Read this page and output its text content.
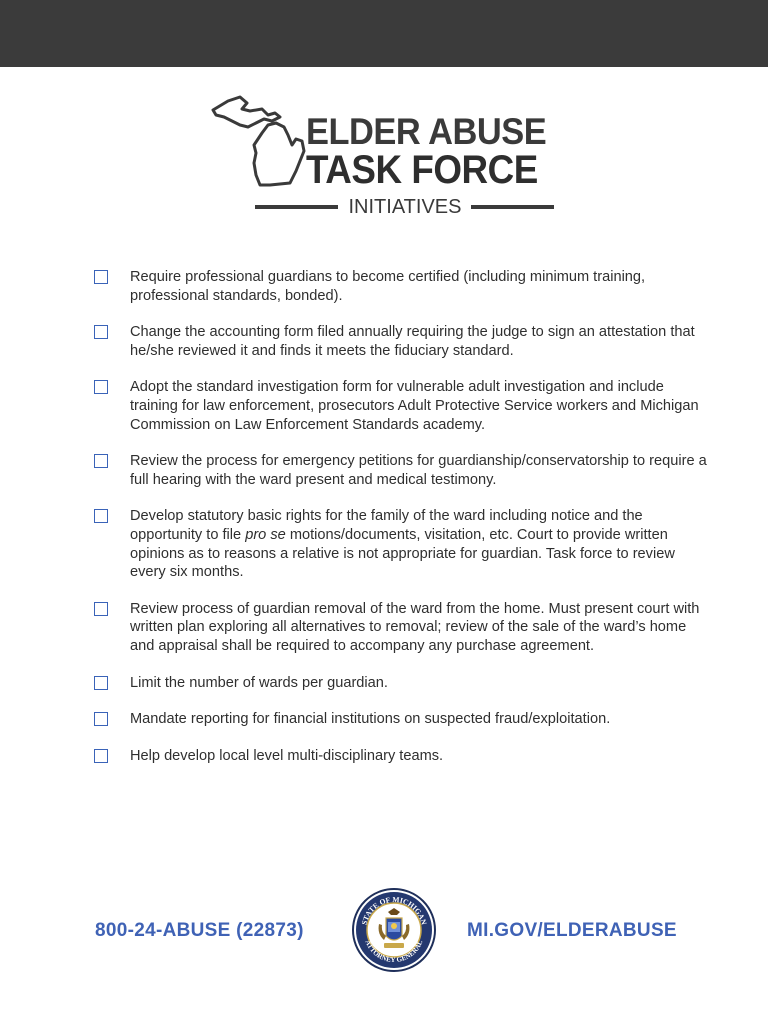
ELDER ABUSE
TASK FORCE
INITIATIVES
Require professional guardians to become certified (including minimum training, professional standards, bonded).
Change the accounting form filed annually requiring the judge to sign an attestation that he/she reviewed it and finds it meets the fiduciary standard.
Adopt the standard investigation form for vulnerable adult investigation and include training for law enforcement, prosecutors Adult Protective Service workers and Michigan Commission on Law Enforcement Standards academy.
Review the process for emergency petitions for guardianship/conservatorship to require a full hearing with the ward present and medical testimony.
Develop statutory basic rights for the family of the ward including notice and the opportunity to file pro se motions/documents, visitation, etc. Court to provide written opinions as to reasons a relative is not appropriate for guardian. Task force to review every six months.
Review process of guardian removal of the ward from the home. Must present court with written plan exploring all alternatives to removal; review of the sale of the ward’s home and appraisal shall be required to accompany any purchase agreement.
Limit the number of wards per guardian.
Mandate reporting for financial institutions on suspected fraud/exploitation.
Help develop local level multi-disciplinary teams.
800-24-ABUSE (22873)	STATE OF MICHIGAN
ATTORNEY GENERAL
MI.GOV/ELDERABUSE
